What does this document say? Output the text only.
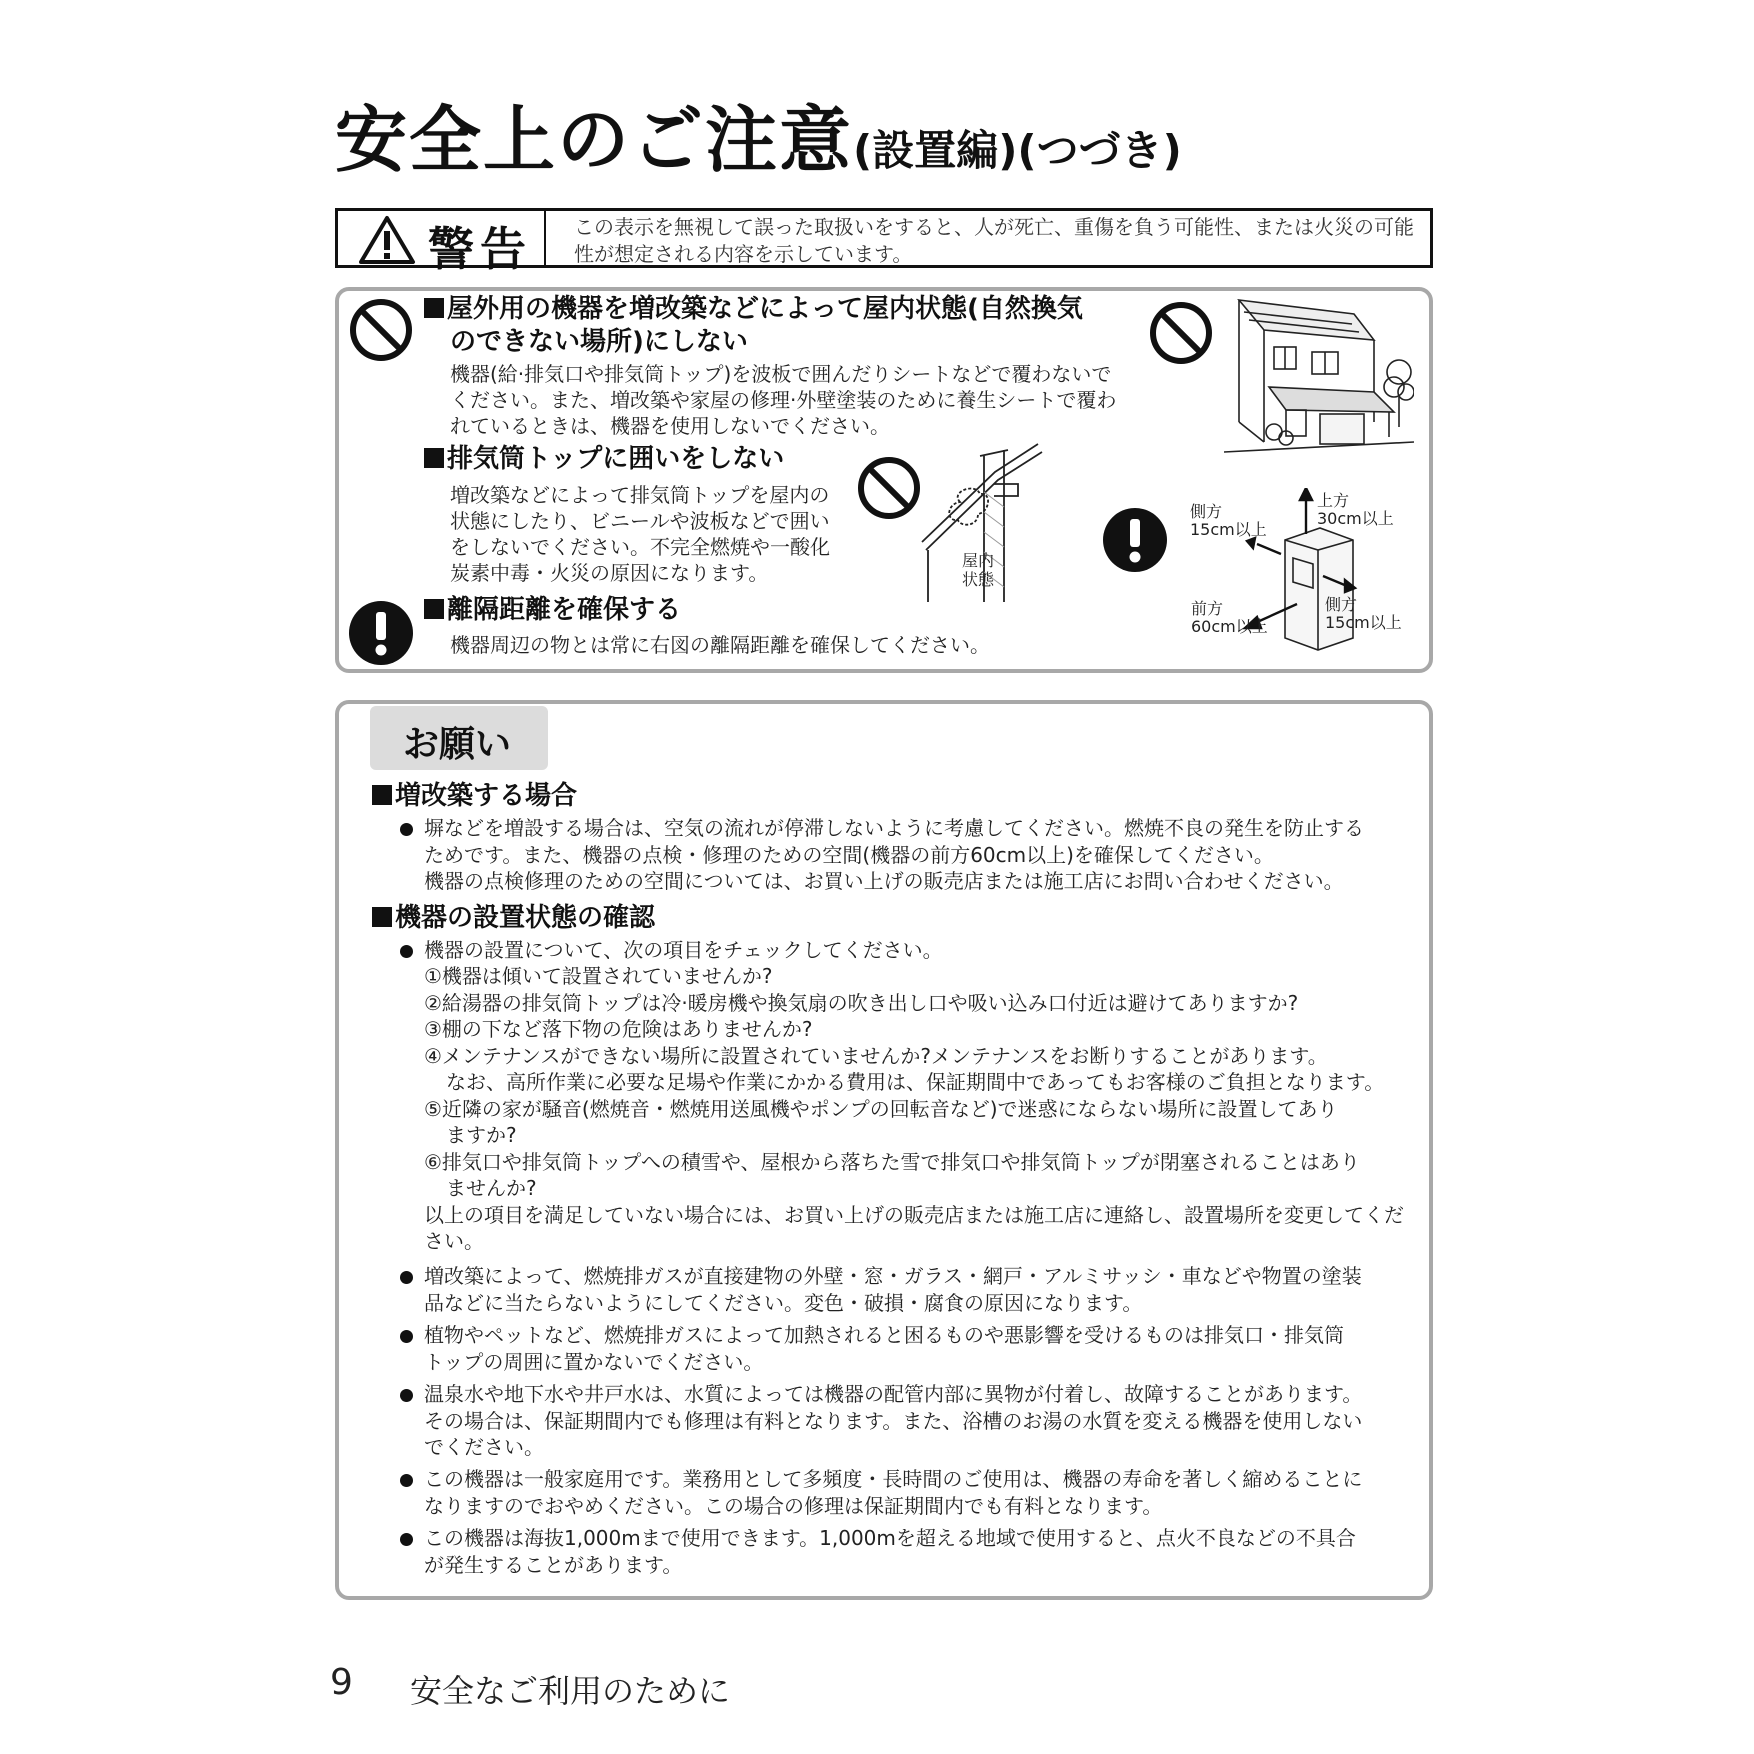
安全上のご注意(設置編)(つづき)
警告 この表示を無視して誤った取扱いをすると、人が死亡、重傷を負う可能性、または火災の可能性が想定される内容を示しています。
屋外用の機器を増改築などによって屋内状態(自然換気
のできない場所)にしない
機器(給·排気口や排気筒トップ)を波板で囲んだりシートなどで覆わないで
ください。また、増改築や家屋の修理·外壁塗装のために養生シートで覆わ
れているときは、機器を使用しないでください。
排気筒トップに囲いをしない
増改築などによって排気筒トップを屋内の
状態にしたり、ビニールや波板などで囲い
をしないでください。不完全燃焼や一酸化
炭素中毒・火災の原因になります。
屋内
状態
離隔距離を確保する
機器周辺の物とは常に右図の離隔距離を確保してください。
側方
15cm以上
上方
30cm以上
前方
60cm以上
側方
15cm以上
お願い
増改築する場合
塀などを増設する場合は、空気の流れが停滞しないように考慮してください。燃焼不良の発生を防止する
ためです。また、機器の点検・修理のための空間(機器の前方60cm以上)を確保してください。
機器の点検修理のための空間については、お買い上げの販売店または施工店にお問い合わせください。
機器の設置状態の確認
機器の設置について、次の項目をチェックしてください。
①機器は傾いて設置されていませんか?
②給湯器の排気筒トップは冷·暖房機や換気扇の吹き出し口や吸い込み口付近は避けてありますか?
③棚の下など落下物の危険はありませんか?
④メンテナンスができない場所に設置されていませんか?メンテナンスをお断りすることがあります。
なお、高所作業に必要な足場や作業にかかる費用は、保証期間中であってもお客様のご負担となります。
⑤近隣の家が騒音(燃焼音・燃焼用送風機やポンプの回転音など)で迷惑にならない場所に設置してあり
ますか?
⑥排気口や排気筒トップへの積雪や、屋根から落ちた雪で排気口や排気筒トップが閉塞されることはあり
ませんか?
以上の項目を満足していない場合には、お買い上げの販売店または施工店に連絡し、設置場所を変更してくだ
さい。
増改築によって、燃焼排ガスが直接建物の外壁・窓・ガラス・網戸・アルミサッシ・車などや物置の塗装
品などに当たらないようにしてください。変色・破損・腐食の原因になります。
植物やペットなど、燃焼排ガスによって加熱されると困るものや悪影響を受けるものは排気口・排気筒
トップの周囲に置かないでください。
温泉水や地下水や井戸水は、水質によっては機器の配管内部に異物が付着し、故障することがあります。
その場合は、保証期間内でも修理は有料となります。また、浴槽のお湯の水質を変える機器を使用しない
でください。
この機器は一般家庭用です。業務用として多頻度・長時間のご使用は、機器の寿命を著しく縮めることに
なりますのでおやめください。この場合の修理は保証期間内でも有料となります。
この機器は海抜1,000mまで使用できます。1,000mを超える地域で使用すると、点火不良などの不具合
が発生することがあります。
9 安全なご利用のために
